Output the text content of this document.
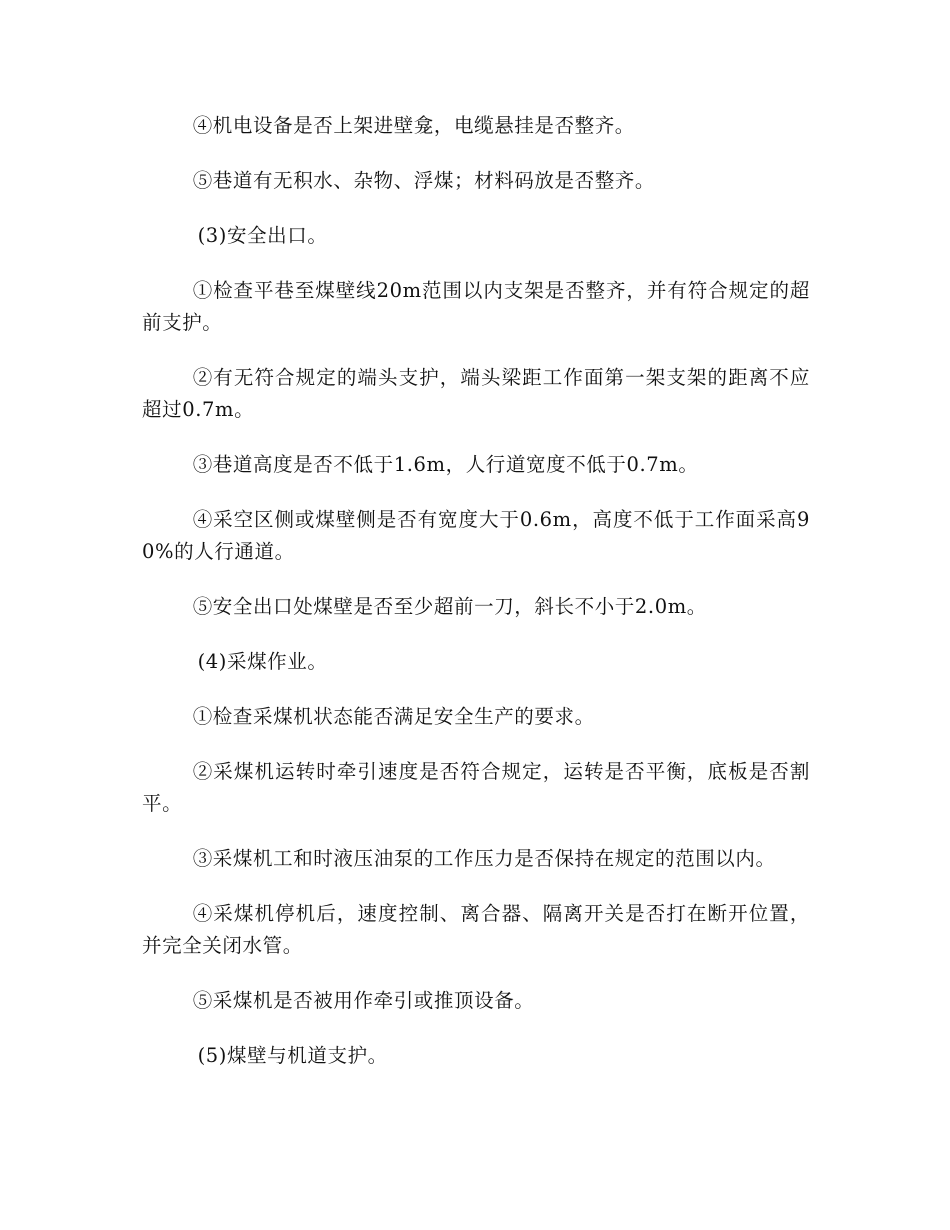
④机电设备是否上架进壁龛，电缆悬挂是否整齐。

⑤巷道有无积水、杂物、浮煤；材料码放是否整齐。

(3)安全出口。

①检查平巷至煤壁线20m范围以内支架是否整齐，并有符合规定的超前支护。

②有无符合规定的端头支护，端头梁距工作面第一架支架的距离不应超过0.7m。

③巷道高度是否不低于1.6m，人行道宽度不低于0.7m。

④采空区侧或煤壁侧是否有宽度大于0.6m，高度不低于工作面采高90%的人行通道。

⑤安全出口处煤壁是否至少超前一刀，斜长不小于2.0m。

(4)采煤作业。

①检查采煤机状态能否满足安全生产的要求。

②采煤机运转时牵引速度是否符合规定，运转是否平衡，底板是否割平。

③采煤机工和时液压油泵的工作压力是否保持在规定的范围以内。

④采煤机停机后，速度控制、离合器、隔离开关是否打在断开位置，并完全关闭水管。

⑤采煤机是否被用作牵引或推顶设备。

(5)煤壁与机道支护。
